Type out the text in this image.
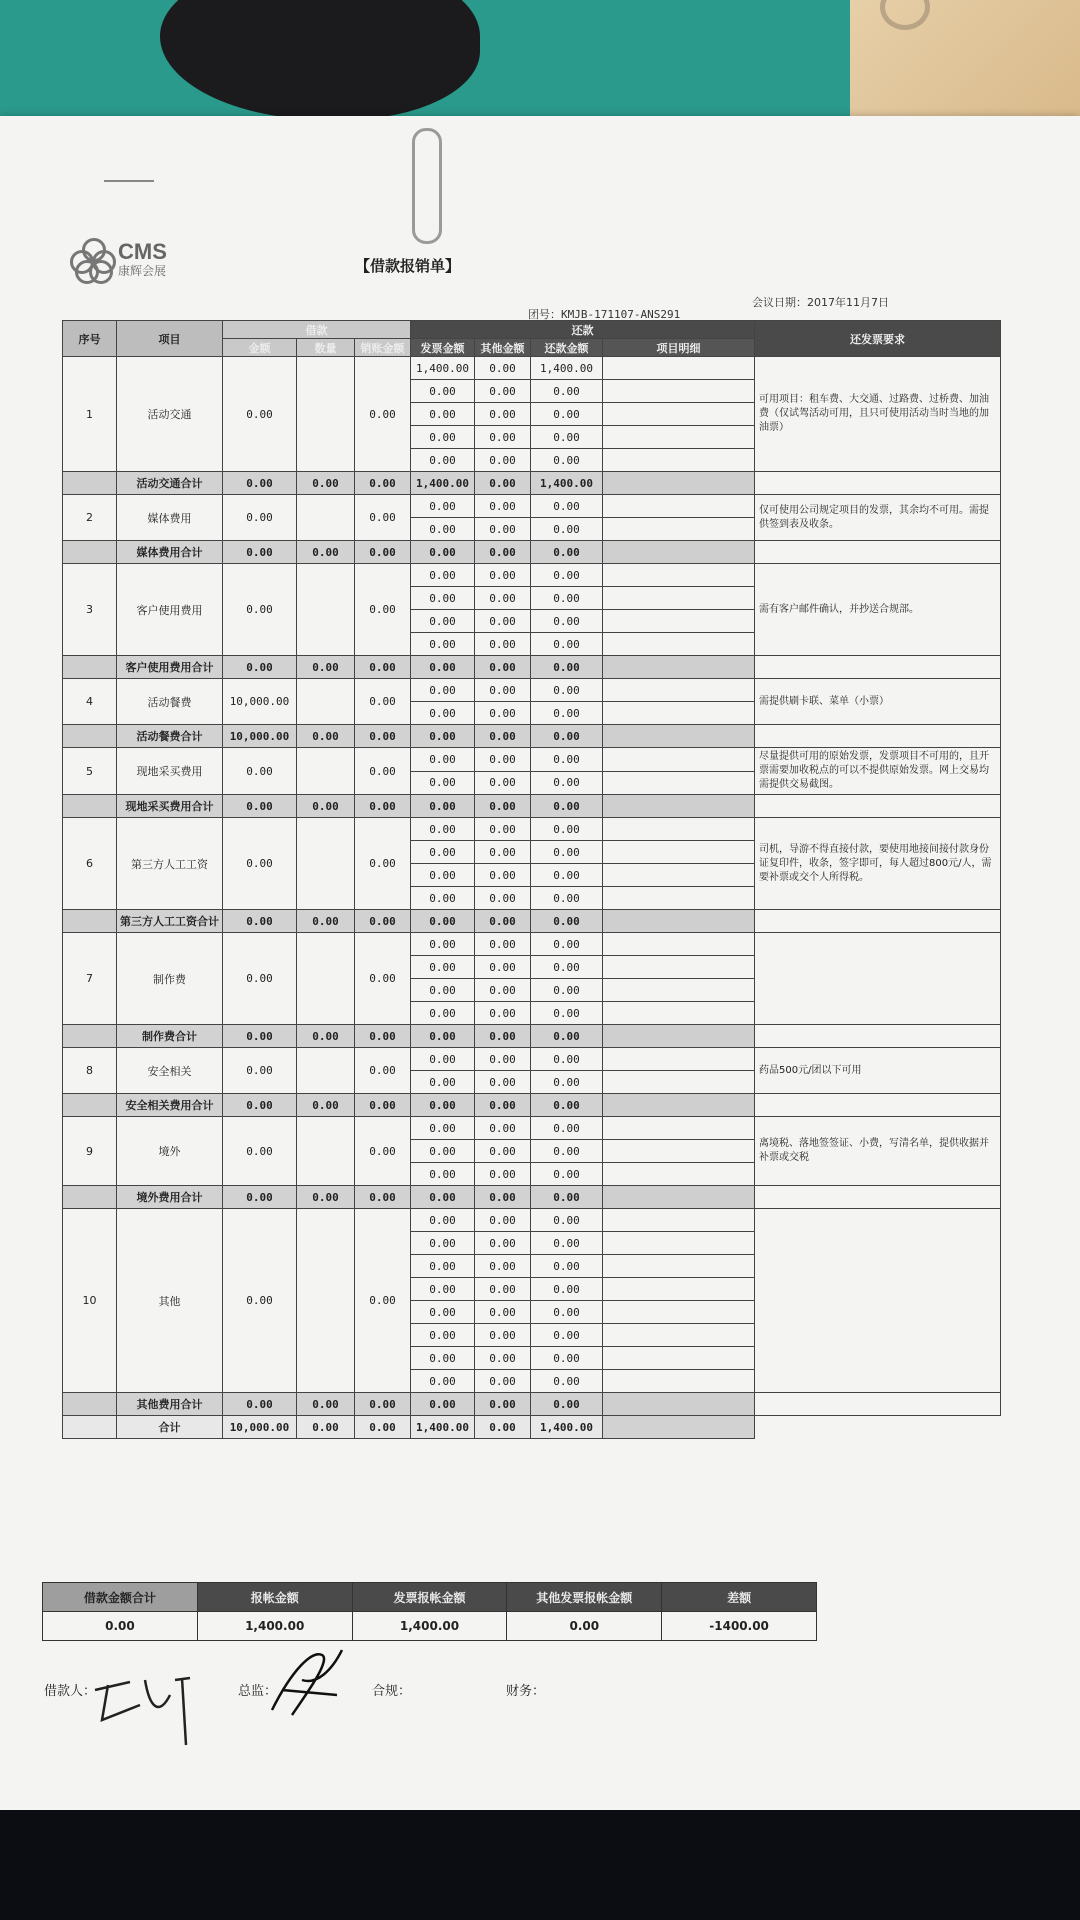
CMS
康辉会展	【借款报销单】
团号：KMJB-171107-ANS291
会议日期：2017年11月7日
序号	项目	借款			还款				还发票要求
		金额	数量	销账金额	发票金额	其他金额	还款金额	项目明细	
1	活动交通	0.00		0.00	1,400.00	0.00	1,400.00		可用项目：租车费、大交通、过路费、过桥费、加油费（仅试驾活动可用，且只可使用活动当时当地的加油票）
					0.00	0.00	0.00		
					0.00	0.00	0.00		
					0.00	0.00	0.00		
					0.00	0.00	0.00		
	活动交通合计	0.00	0.00	0.00	1,400.00	0.00	1,400.00		
2	媒体费用	0.00		0.00	0.00	0.00	0.00		仅可使用公司规定项目的发票，其余均不可用。需提供签到表及收条。
					0.00	0.00	0.00		
	媒体费用合计	0.00	0.00	0.00	0.00	0.00	0.00		
3	客户使用费用	0.00		0.00	0.00	0.00	0.00		需有客户邮件确认，并抄送合规部。
					0.00	0.00	0.00		
					0.00	0.00	0.00		
					0.00	0.00	0.00		
	客户使用费用合计	0.00	0.00	0.00	0.00	0.00	0.00		
4	活动餐费	10,000.00		0.00	0.00	0.00	0.00		需提供刷卡联、菜单（小票）
					0.00	0.00	0.00		
	活动餐费合计	10,000.00	0.00	0.00	0.00	0.00	0.00		
5	现地采买费用	0.00		0.00	0.00	0.00	0.00		尽量提供可用的原始发票，发票项目不可用的，且开票需要加收税点的可以不提供原始发票。网上交易均需提供交易截图。
					0.00	0.00	0.00		
	现地采买费用合计	0.00	0.00	0.00	0.00	0.00	0.00		
6	第三方人工工资	0.00		0.00	0.00	0.00	0.00		司机，导游不得直接付款，要使用地接间接付款身份证复印件，收条，签字即可，每人超过800元/人，需要补票或交个人所得税。
					0.00	0.00	0.00		
					0.00	0.00	0.00		
					0.00	0.00	0.00		
	第三方人工工资合计	0.00	0.00	0.00	0.00	0.00	0.00		
7	制作费	0.00		0.00	0.00	0.00	0.00		
					0.00	0.00	0.00		
					0.00	0.00	0.00		
					0.00	0.00	0.00		
	制作费合计	0.00	0.00	0.00	0.00	0.00	0.00		
8	安全相关	0.00		0.00	0.00	0.00	0.00		药品500元/团以下可用
					0.00	0.00	0.00		
	安全相关费用合计	0.00	0.00	0.00	0.00	0.00	0.00		
9	境外	0.00		0.00	0.00	0.00	0.00		离境税、落地签签证、小费，写清名单，提供收据并补票或交税
					0.00	0.00	0.00		
					0.00	0.00	0.00		
	境外费用合计	0.00	0.00	0.00	0.00	0.00	0.00		
10	其他	0.00		0.00	0.00	0.00	0.00		
					0.00	0.00	0.00		
					0.00	0.00	0.00		
					0.00	0.00	0.00		
					0.00	0.00	0.00		
					0.00	0.00	0.00		
					0.00	0.00	0.00		
					0.00	0.00	0.00		
	其他费用合计	0.00	0.00	0.00	0.00	0.00	0.00		
	合计	10,000.00	0.00	0.00	1,400.00	0.00	1,400.00		
借款金额合计	报帐金额	发票报帐金额	其他发票报帐金额	差额
0.00	1,400.00	1,400.00	0.00	-1400.00
借款人：	总监：	合规：	财务：
